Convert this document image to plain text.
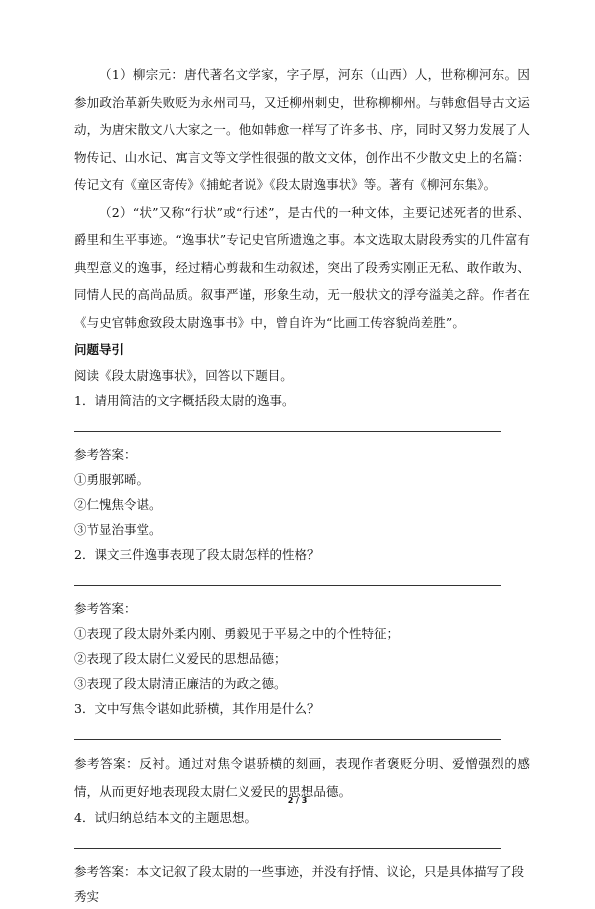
（1）柳宗元：唐代著名文学家，字子厚，河东（山西）人，世称柳河东。因参加政治革新失败贬为永州司马，又迁柳州刺史，世称柳柳州。与韩愈倡导古文运动，为唐宋散文八大家之一。他如韩愈一样写了许多书、序，同时又努力发展了人物传记、山水记、寓言文等文学性很强的散文文体，创作出不少散文史上的名篇：传记文有《童区寄传》《捕蛇者说》《段太尉逸事状》等。著有《柳河东集》。

（2）“状”又称“行状”或“行述”，是古代的一种文体，主要记述死者的世系、爵里和生平事迹。“逸事状”专记史官所遗逸之事。本文选取太尉段秀实的几件富有典型意义的逸事，经过精心剪裁和生动叙述，突出了段秀实刚正无私、敢作敢为、同情人民的高尚品质。叙事严谨，形象生动，无一般状文的浮夸溢美之辞。作者在《与史官韩愈致段太尉逸事书》中，曾自许为“比画工传容貌尚差胜”。

问题导引

阅读《段太尉逸事状》，回答以下题目。

1．请用简洁的文字概括段太尉的逸事。

参考答案：

①勇服郭晞。

②仁愧焦令谌。

③节显治事堂。

2．课文三件逸事表现了段太尉怎样的性格？

参考答案：

①表现了段太尉外柔内刚、勇毅见于平易之中的个性特征；

②表现了段太尉仁义爱民的思想品德；

③表现了段太尉清正廉洁的为政之德。

3．文中写焦令谌如此骄横，其作用是什么？

参考答案：反衬。通过对焦令谌骄横的刻画，表现作者褒贬分明、爱憎强烈的感情，从而更好地表现段太尉仁义爱民的思想品德。

4．试归纳总结本文的主题思想。

参考答案：本文记叙了段太尉的一些事迹，并没有抒情、议论，只是具体描写了段秀实

2 / 3
